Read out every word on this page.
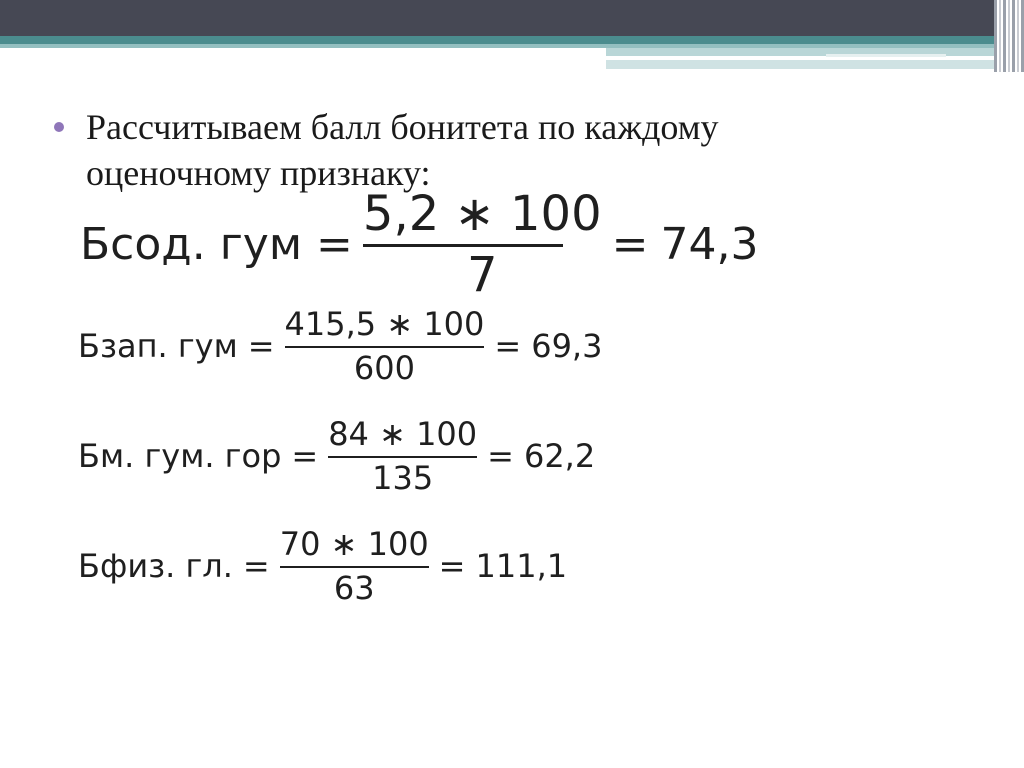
Рассчитываем балл бонитета по каждому оценочному признаку:
Бсод. гум = $\frac{5,2 ∗ 100}{7} = 74,3$
Бзап. гум = $\frac{415,5 ∗ 100}{600} = 69,3$
Бм. гум. гор = $\frac{84 ∗ 100}{135} = 62,2$
Бфиз. гл. = $\frac{70 ∗ 100}{63} = 111,1$
